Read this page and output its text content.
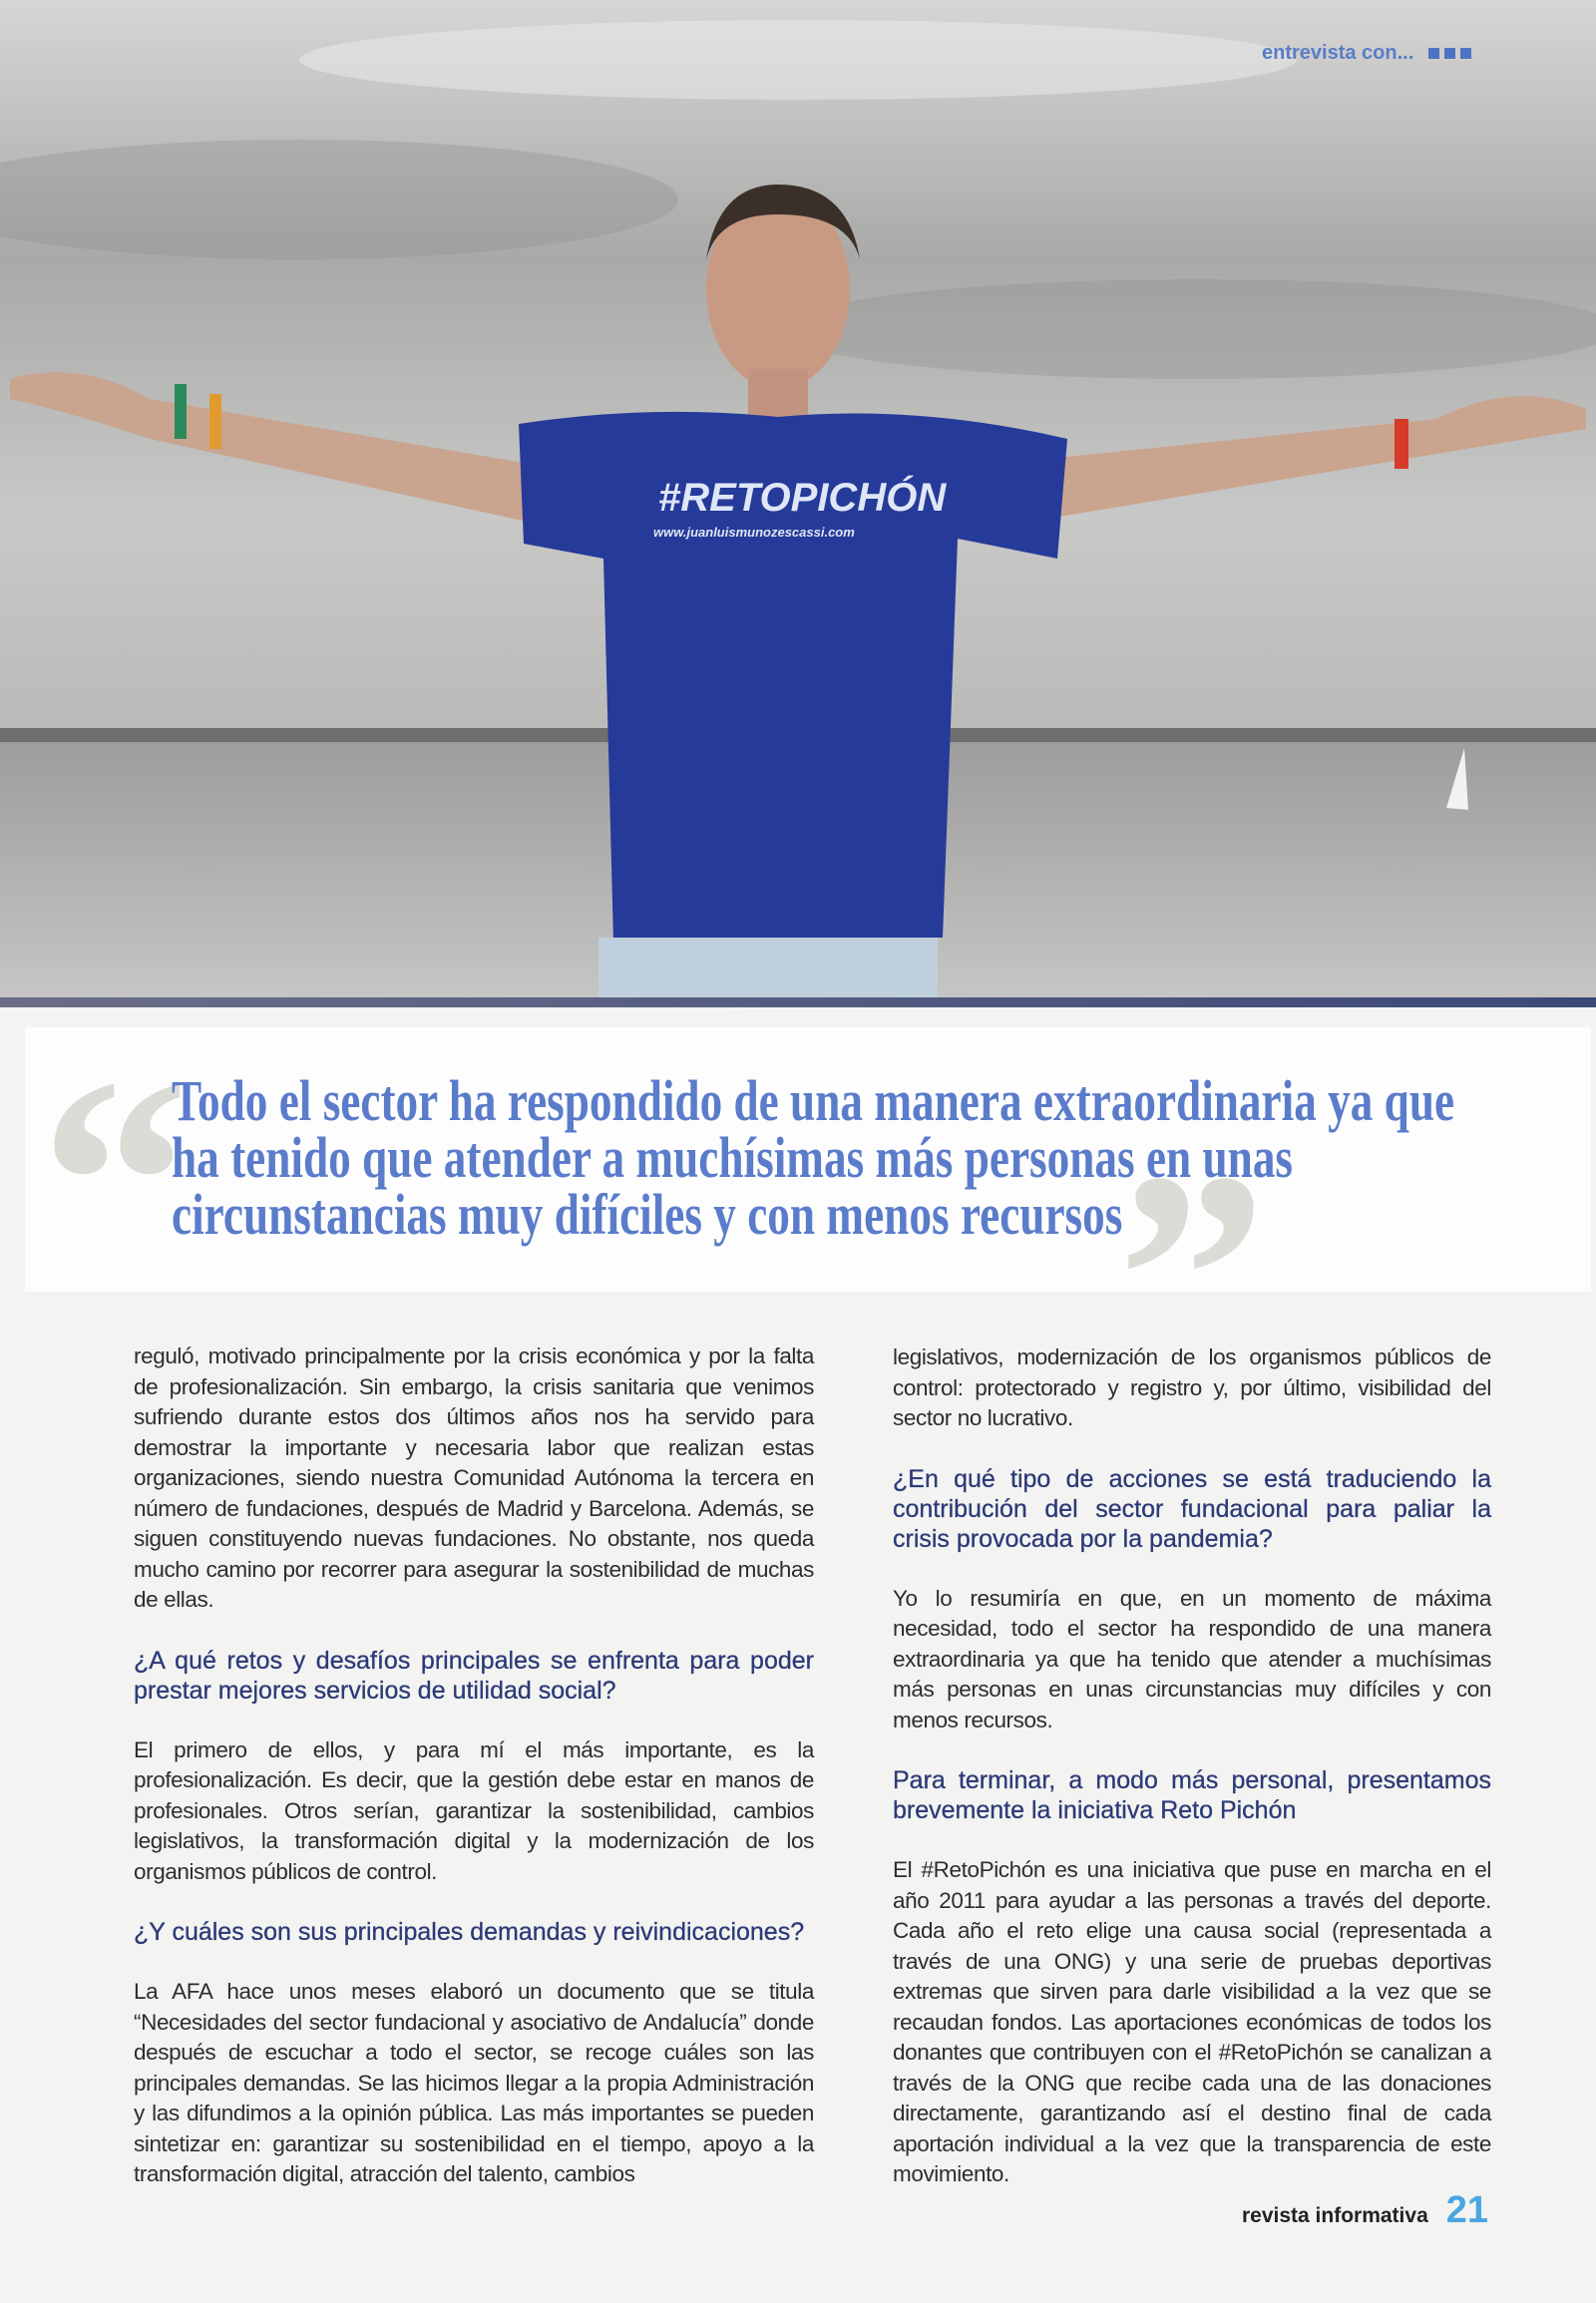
#RETOPICHÓN
www.juanluismunozescassi.com
entrevista con...
“
Todo el sector ha respondido de una manera extraordinaria ya que ha tenido que atender a muchísimas más personas en unas circunstancias muy difíciles y con menos recursos
”

reguló, motivado principalmente por la crisis económica y por la falta de profesionalización. Sin embargo, la crisis sanitaria que venimos sufriendo durante estos dos últimos años nos ha servido para demostrar la importante y necesaria labor que realizan estas organizaciones, siendo nuestra Comunidad Autónoma la tercera en número de fundaciones, después de Madrid y Barcelona. Además, se siguen constituyendo nuevas fundaciones. No obstante, nos queda mucho camino por recorrer para asegurar la sostenibilidad de muchas de ellas.

¿A qué retos y desafíos principales se enfrenta para poder prestar mejores servicios de utilidad social?

El primero de ellos, y para mí el más importante, es la profesionalización. Es decir, que la gestión debe estar en manos de profesionales. Otros serían, garantizar la sostenibilidad, cambios legislativos, la transformación digital y la modernización de los organismos públicos de control.

¿Y cuáles son sus principales demandas y reivindicaciones?

La AFA hace unos meses elaboró un documento que se titula “Necesidades del sector fundacional y asociativo de Andalucía” donde después de escuchar a todo el sector, se recoge cuáles son las principales demandas. Se las hicimos llegar a la propia Administración y las difundimos a la opinión pública. Las más importantes se pueden sintetizar en: garantizar su sostenibilidad en el tiempo, apoyo a la transformación digital, atracción del talento, cambios

legislativos, modernización de los organismos públicos de control: protectorado y registro y, por último, visibilidad del sector no lucrativo.

¿En qué tipo de acciones se está traduciendo la contribución del sector fundacional para paliar la crisis provocada por la pandemia?

Yo lo resumiría en que, en un momento de máxima necesidad, todo el sector ha respondido de una manera extraordinaria ya que ha tenido que atender a muchísimas más personas en unas circunstancias muy difíciles y con menos recursos.

Para terminar, a modo más personal, presentamos brevemente la iniciativa Reto Pichón

El #RetoPichón es una iniciativa que puse en marcha en el año 2011 para ayudar a las personas a través del deporte. Cada año el reto elige una causa social (representada a través de una ONG) y una serie de pruebas deportivas extremas que sirven para darle visibilidad a la vez que se recaudan fondos. Las aportaciones económicas de todos los donantes que contribuyen con el #RetoPichón se canalizan a través de la ONG que recibe cada una de las donaciones directamente, garantizando así el destino final de cada aportación individual a la vez que la transparencia de este movimiento.

revista informativa 21
